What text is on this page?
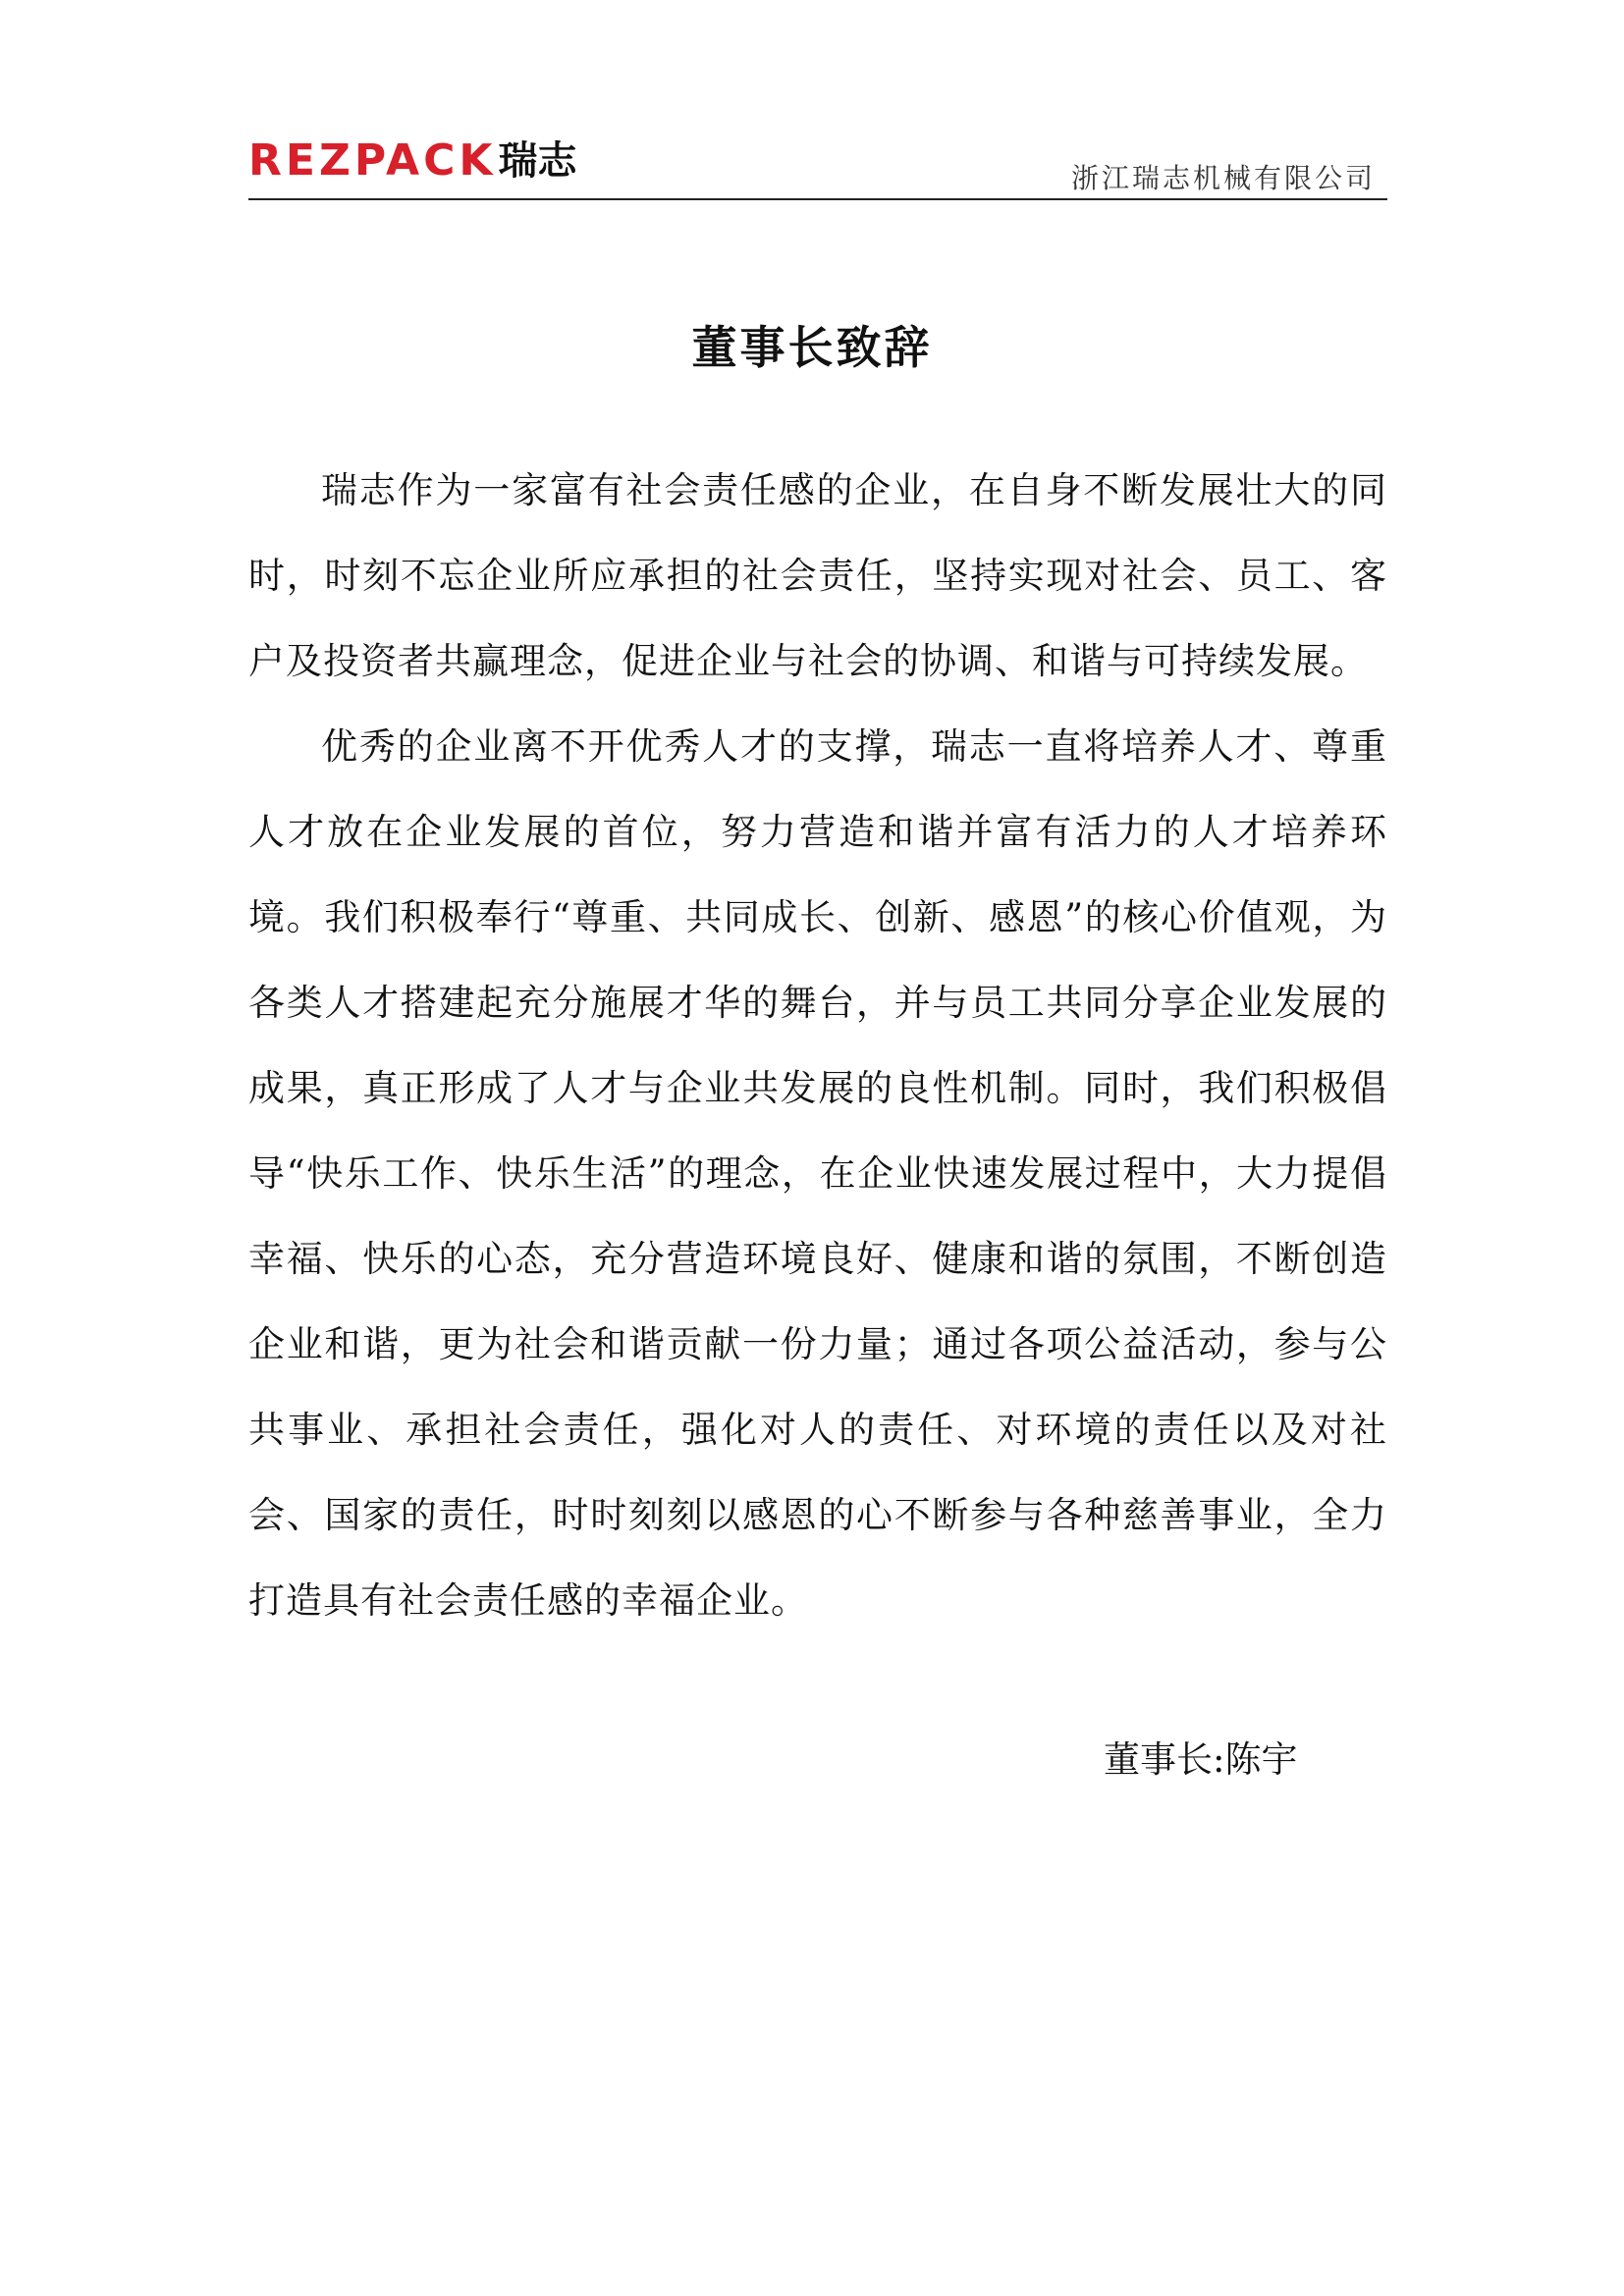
REZPACK瑞志	浙江瑞志机械有限公司
董事长致辞

瑞志作为一家富有社会责任感的企业，在自身不断发展壮大的同时，时刻不忘企业所应承担的社会责任，坚持实现对社会、员工、客户及投资者共赢理念，促进企业与社会的协调、和谐与可持续发展。

优秀的企业离不开优秀人才的支撑，瑞志一直将培养人才、尊重人才放在企业发展的首位，努力营造和谐并富有活力的人才培养环境。我们积极奉行“尊重、共同成长、创新、感恩”的核心价值观，为各类人才搭建起充分施展才华的舞台，并与员工共同分享企业发展的成果，真正形成了人才与企业共发展的良性机制。同时，我们积极倡导“快乐工作、快乐生活”的理念，在企业快速发展过程中，大力提倡幸福、快乐的心态，充分营造环境良好、健康和谐的氛围，不断创造企业和谐，更为社会和谐贡献一份力量；通过各项公益活动，参与公共事业、承担社会责任，强化对人的责任、对环境的责任以及对社会、国家的责任，时时刻刻以感恩的心不断参与各种慈善事业，全力打造具有社会责任感的幸福企业。

董事长:陈宇
